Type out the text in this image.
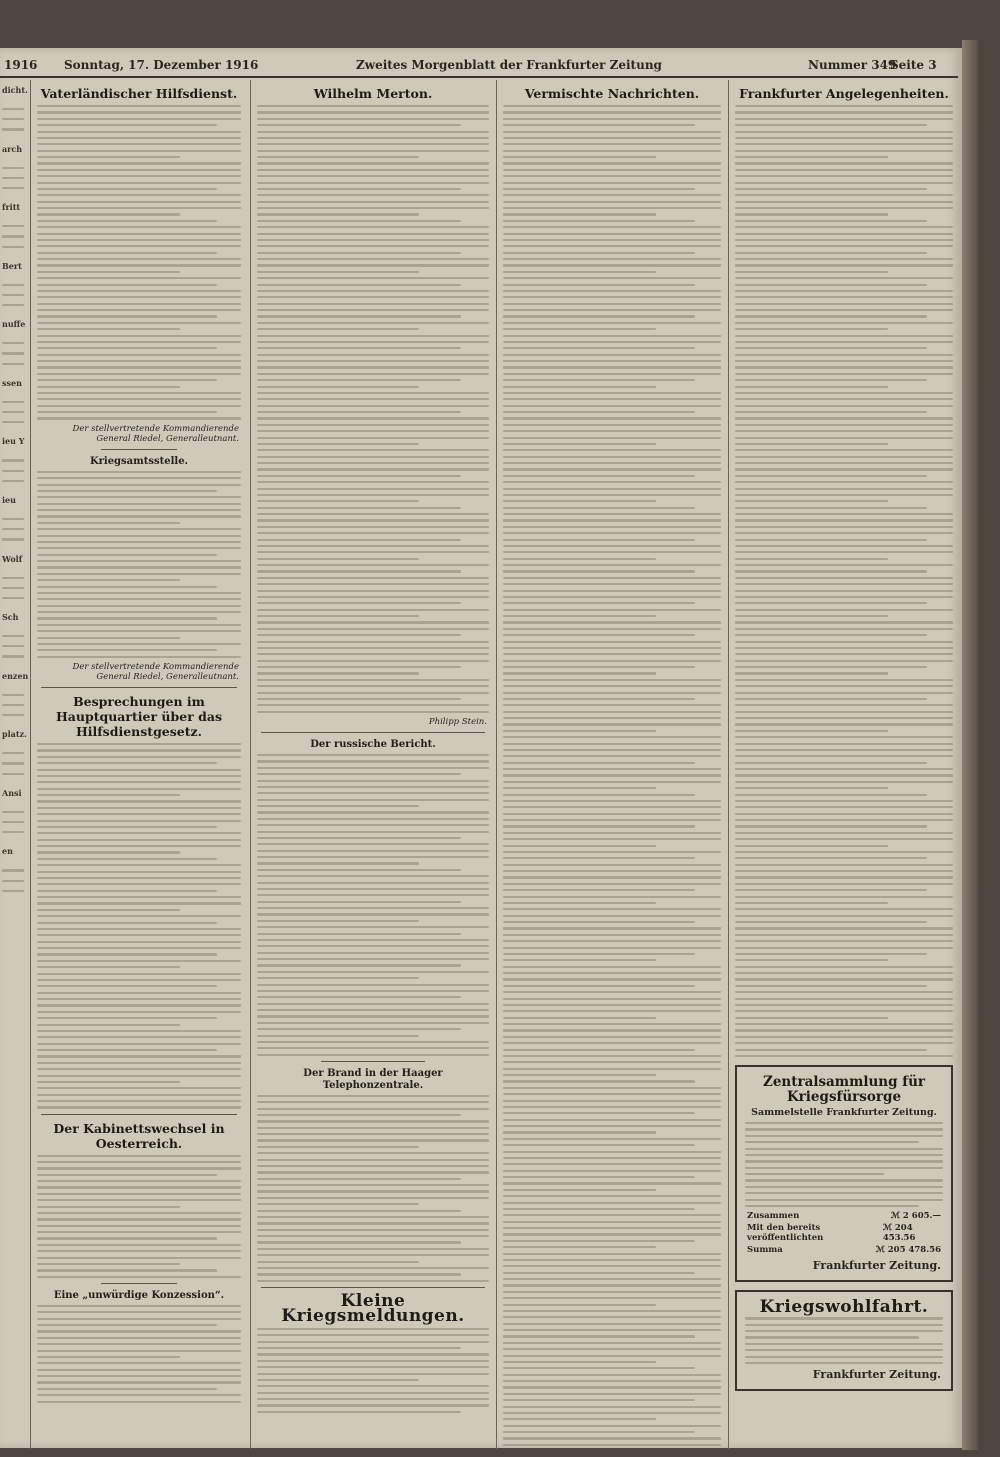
1916 Sonntag, 17. Dezember 1916	Zweites Morgenblatt der Frankfurter Zeitung	Nummer 349
Seite 3
dicht.
arch
fritt
Bert
nuffe
ssen
ieu Y
ieu
Wolf
Sch
enzen
platz.
Ansi
en
Vaterländischer Hilfsdienst.
Der stellvertretende Kommandierende General Riedel, Generalleutnant.
Kriegsamtsstelle.
Der stellvertretende Kommandierende General Riedel, Generalleutnant.
Besprechungen im Hauptquartier über das Hilfsdienstgesetz.
Der Kabinettswechsel in Oesterreich.
Eine „unwürdige Konzession“.
Wilhelm Merton.
Philipp Stein.
Der russische Bericht.
Der Brand in der Haager Telephonzentrale.
Kleine Kriegsmeldungen.
Vermischte Nachrichten.	Frankfurter Angelegenheiten.
Zentralsammlung für Kriegsfürsorge
Sammelstelle Frankfurter Zeitung.
Zusammen	ℳ 2 605.—
Mit den bereits veröffentlichten
ℳ 204 453.56
Summa	ℳ 205 478.56
Frankfurter Zeitung.
Kriegswohlfahrt.
Frankfurter Zeitung.
